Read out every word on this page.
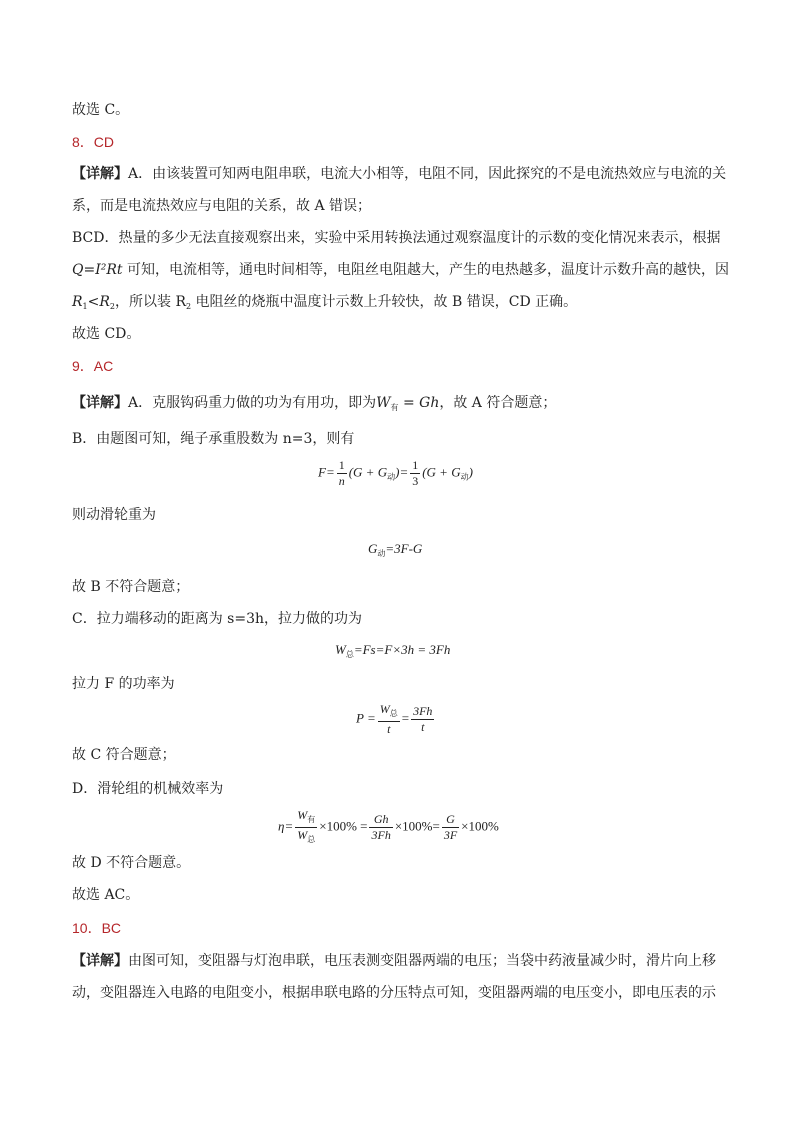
故选 C。
8．CD
【详解】A．由该装置可知两电阻串联，电流大小相等，电阻不同，因此探究的不是电流热效应与电流的关
系，而是电流热效应与电阻的关系，故 A 错误；
BCD．热量的多少无法直接观察出来，实验中采用转换法通过观察温度计的示数的变化情况来表示，根据
Q=I²Rt 可知，电流相等，通电时间相等，电阻丝电阻越大，产生的电热越多，温度计示数升高的越快，因
$R_1<R_2$，所以装 $R_2$ 电阻丝的烧瓶中温度计示数上升较快，故 B 错误，CD 正确。
故选 CD。
9．AC
【详解】A．克服钩码重力做的功为有用功，即为$W_有 = Gh$，故 A 符合题意；
B．由题图可知，绳子承重股数为 n=3，则有
$F= \frac{1}{n} (G + G_动)= \frac{1}{3} (G + G_动)$
则动滑轮重为
$G_动=3F-G$
故 B 不符合题意；
C．拉力端移动的距离为 s=3h，拉力做的功为
$W_总=Fs=F\times 3h = 3Fh$
拉力 F 的功率为
$P = \frac{W_总}{t} = \frac{3Fh}{t}$
故 C 符合题意；
D．滑轮组的机械效率为
$\eta= \frac{W_有}{W_总} \times 100\% = \frac{Gh}{3Fh} \times 100\%= \frac{G}{3F} \times 100\%$
故 D 不符合题意。
故选 AC。
10．BC
【详解】由图可知，变阻器与灯泡串联，电压表测变阻器两端的电压；当袋中药液量减少时，滑片向上移
动，变阻器连入电路的电阻变小，根据串联电路的分压特点可知，变阻器两端的电压变小，即电压表的示
